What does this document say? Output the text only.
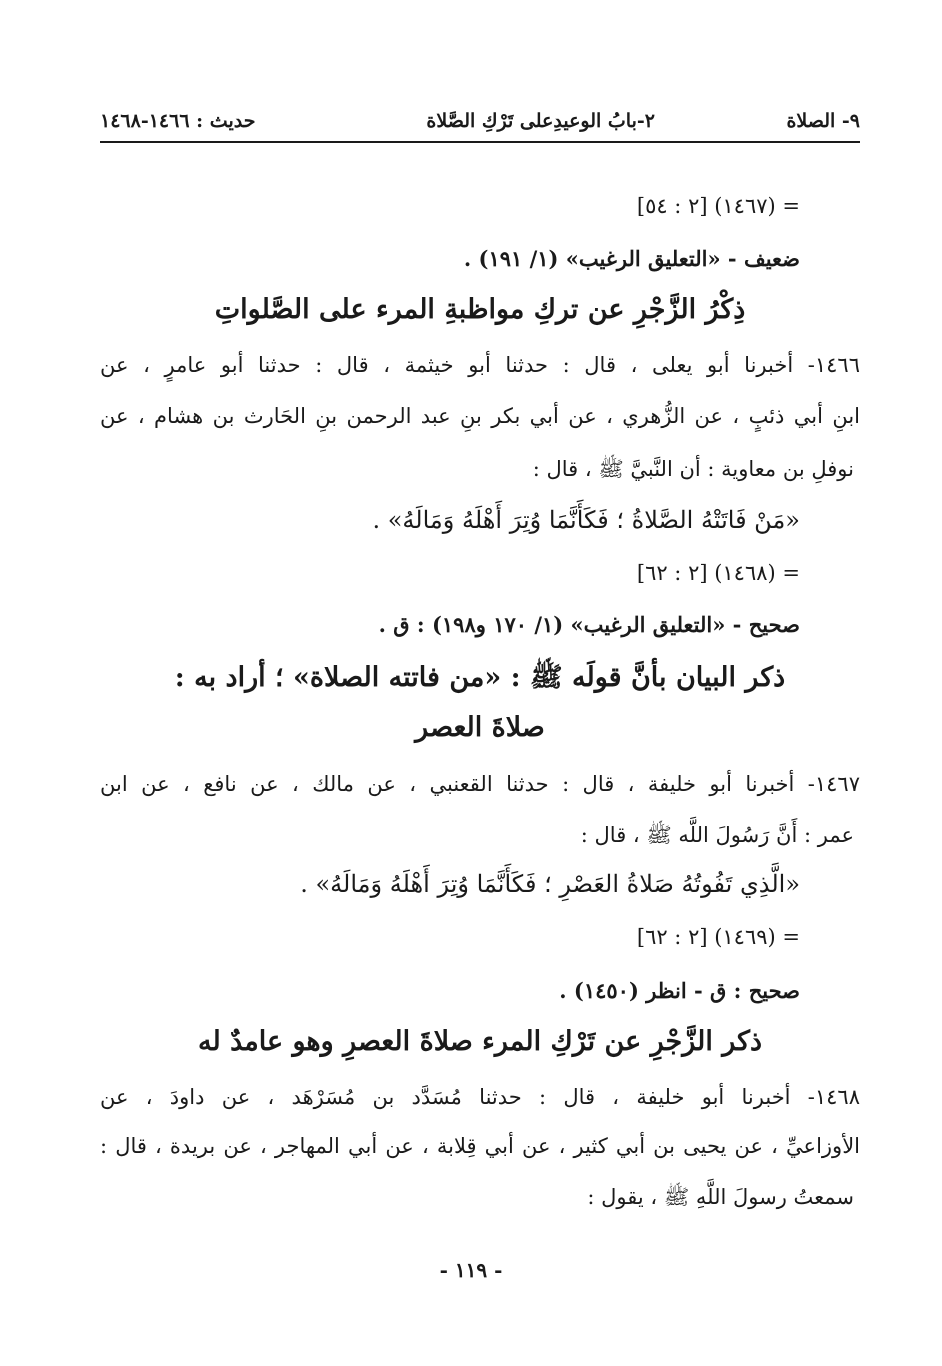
٩- الصلاة
٢-بابُ الوعيدِعلى تَرْكِ الصَّلاة
حديث : ١٤٦٦-١٤٦٨
= (١٤٦٧) [٢ : ٥٤]
ضعيف - «التعليق الرغيب» (١/ ١٩١) .
ذِكْرُ الزَّجْرِ عن تركِ مواظبةِ المرء على الصَّلواتِ
١٤٦٦- أخبرنا أبو يعلى ، قال : حدثنا أبو خيثمة ، قال : حدثنا أبو عامرٍ ، عن
ابنِ أبي ذئبٍ ، عن الزُّهري ، عن أبي بكر بنِ عبد الرحمن بنِ الحَارث بن هشام ، عن
نوفلِ بن معاوية : أن النَّبيَّ ﷺ ، قال :
«مَنْ فَاتَتْهُ الصَّلاةُ ؛ فَكَأَنَّمَا وُتِرَ أَهْلَهُ وَمَالَهُ» .
= (١٤٦٨) [٢ : ٦٢]
صحيح - «التعليق الرغيب» (١/ ١٧٠ و١٩٨) : ق .
ذكر البيان بأنَّ قولَه ﷺ : «من فاتته الصلاة» ؛ أراد به :
صلاةَ العصر
١٤٦٧- أخبرنا أبو خليفة ، قال : حدثنا القعنبي ، عن مالك ، عن نافع ، عن ابن
عمر : أَنَّ رَسُولَ اللَّه ﷺ ، قال :
«الَّذِي تَفُوتُهُ صَلاةُ العَصْرِ ؛ فَكَأَنَّمَا وُتِرَ أَهْلَهُ وَمَالَهُ» .
= (١٤٦٩) [٢ : ٦٢]
صحيح : ق - انظر (١٤٥٠) .
ذكر الزَّجْرِ عن تَرْكِ المرء صلاةَ العصرِ وهو عامدٌ له
١٤٦٨- أخبرنا أبو خليفة ، قال : حدثنا مُسَدَّد بن مُسَرْهَد ، عن داودَ ، عن
الأوزاعيِّ ، عن يحيى بن أبي كثير ، عن أبي قِلابة ، عن أبي المهاجر ، عن بريدة ، قال :
سمعتُ رسولَ اللَّهِ ﷺ ، يقول :
- ١١٩ -
